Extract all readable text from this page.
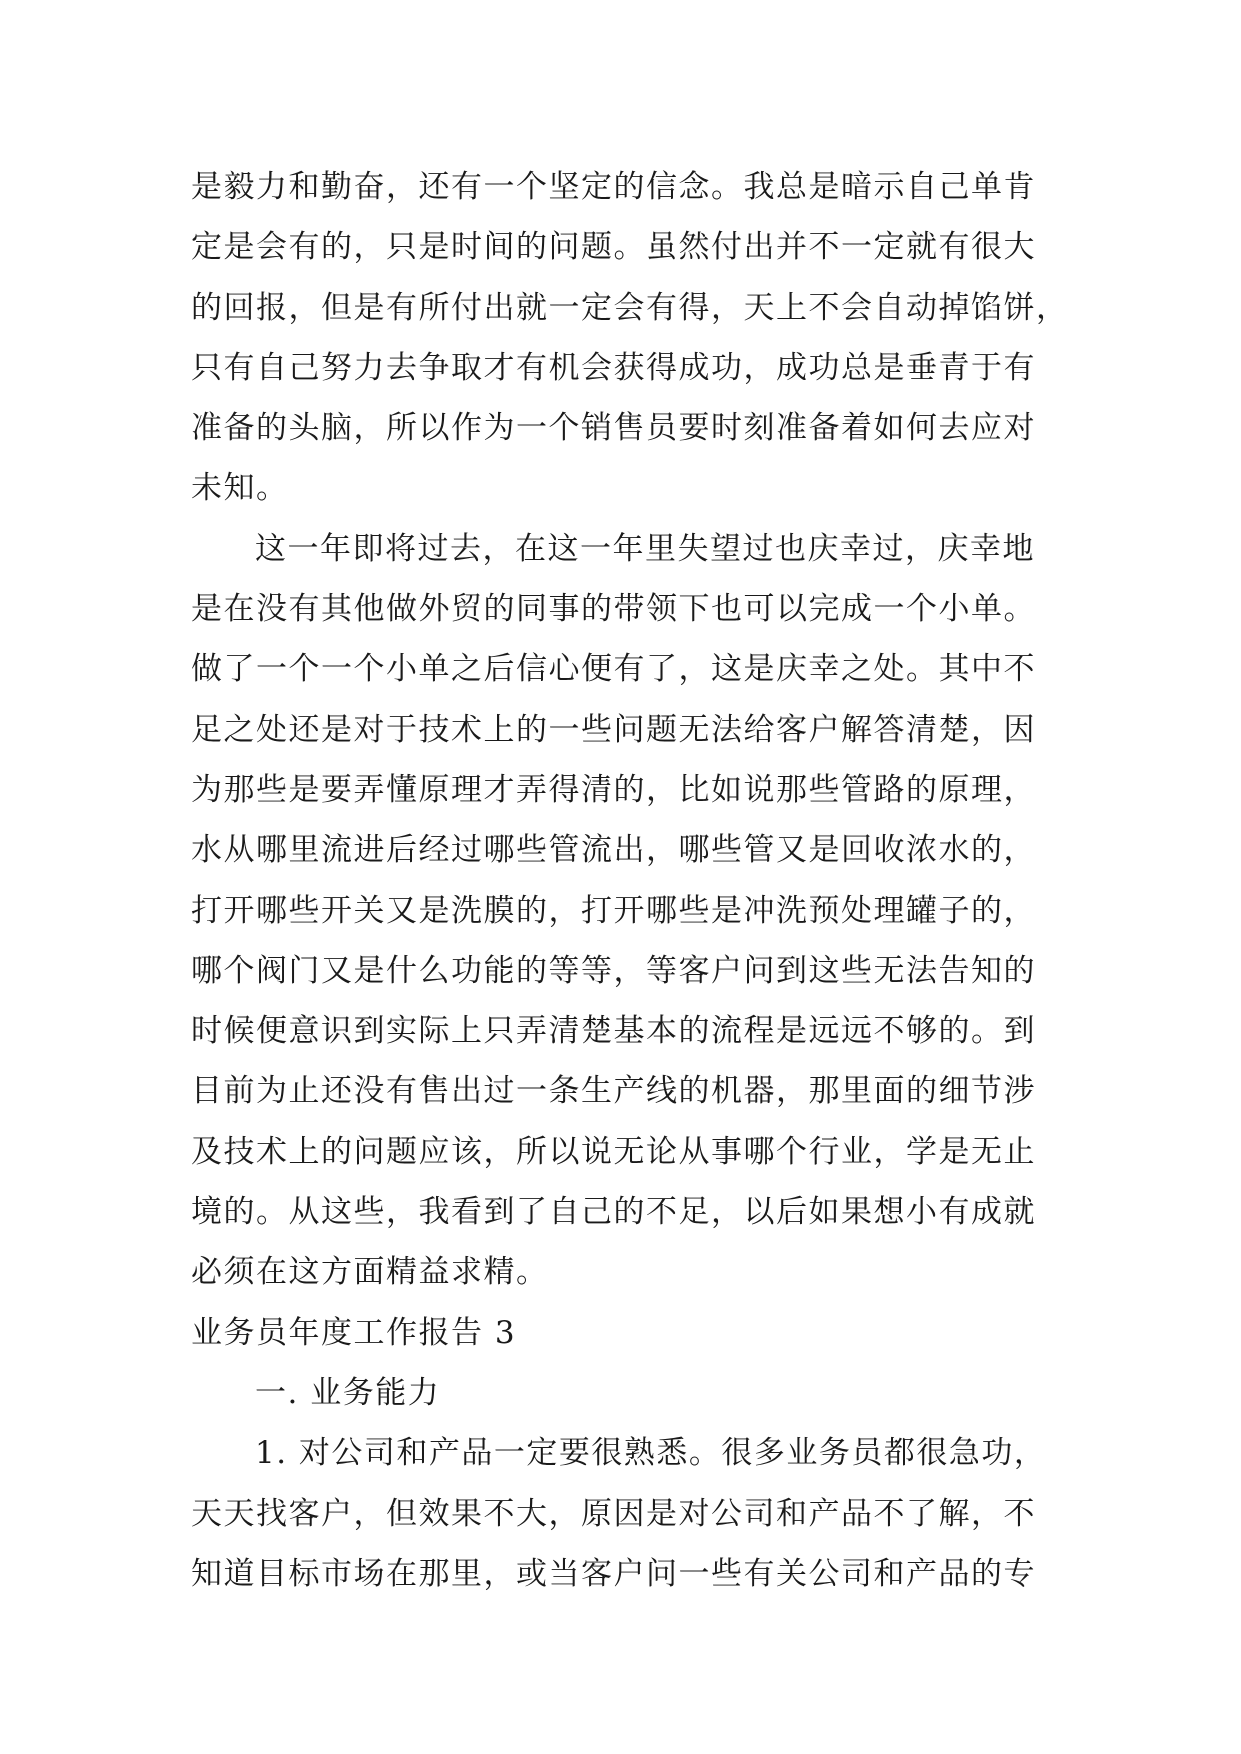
是毅力和勤奋，还有一个坚定的信念。我总是暗示自己单肯
定是会有的，只是时间的问题。虽然付出并不一定就有很大
的回报，但是有所付出就一定会有得，天上不会自动掉馅饼，
只有自己努力去争取才有机会获得成功，成功总是垂青于有
准备的头脑，所以作为一个销售员要时刻准备着如何去应对
未知。
这一年即将过去，在这一年里失望过也庆幸过，庆幸地
是在没有其他做外贸的同事的带领下也可以完成一个小单。
做了一个一个小单之后信心便有了，这是庆幸之处。其中不
足之处还是对于技术上的一些问题无法给客户解答清楚，因
为那些是要弄懂原理才弄得清的，比如说那些管路的原理，
水从哪里流进后经过哪些管流出，哪些管又是回收浓水的，
打开哪些开关又是洗膜的，打开哪些是冲洗预处理罐子的，
哪个阀门又是什么功能的等等，等客户问到这些无法告知的
时候便意识到实际上只弄清楚基本的流程是远远不够的。到
目前为止还没有售出过一条生产线的机器，那里面的细节涉
及技术上的问题应该，所以说无论从事哪个行业，学是无止
境的。从这些，我看到了自己的不足，以后如果想小有成就
必须在这方面精益求精。
业务员年度工作报告 3
一. 业务能力
1. 对公司和产品一定要很熟悉。很多业务员都很急功，
天天找客户，但效果不大，原因是对公司和产品不了解，不
知道目标市场在那里，或当客户问一些有关公司和产品的专
